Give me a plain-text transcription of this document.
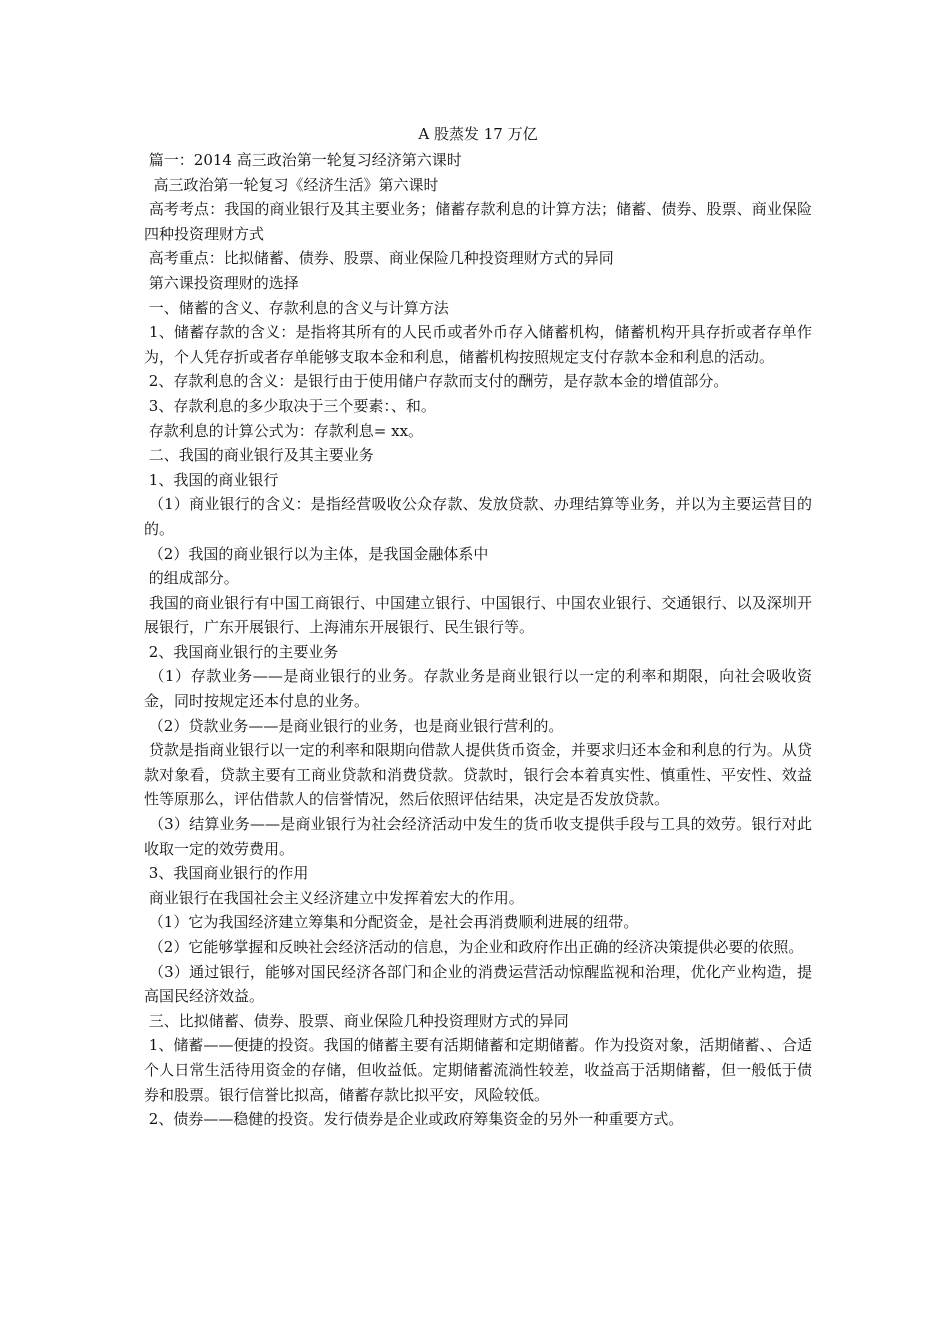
A 股蒸发 17 万亿

篇一：2014 高三政治第一轮复习经济第六课时

高三政治第一轮复习《经济生活》第六课时

高考考点：我国的商业银行及其主要业务；储蓄存款利息的计算方法；储蓄、债券、股票、商业保险四种投资理财方式

高考重点：比拟储蓄、债券、股票、商业保险几种投资理财方式的异同

第六课投资理财的选择

一、储蓄的含义、存款利息的含义与计算方法

1、储蓄存款的含义：是指将其所有的人民币或者外币存入储蓄机构，储蓄机构开具存折或者存单作为，个人凭存折或者存单能够支取本金和利息，储蓄机构按照规定支付存款本金和利息的活动。

2、存款利息的含义：是银行由于使用储户存款而支付的酬劳，是存款本金的增值部分。

3、存款利息的多少取决于三个要素：、和。

存款利息的计算公式为：存款利息= xx。

二、我国的商业银行及其主要业务

1、我国的商业银行

（1）商业银行的含义：是指经营吸收公众存款、发放贷款、办理结算等业务，并以为主要运营目的的。

（2）我国的商业银行以为主体，是我国金融体系中

的组成部分。

我国的商业银行有中国工商银行、中国建立银行、中国银行、中国农业银行、交通银行、以及深圳开展银行，广东开展银行、上海浦东开展银行、民生银行等。

2、我国商业银行的主要业务

（1）存款业务——是商业银行的业务。存款业务是商业银行以一定的利率和期限，向社会吸收资金，同时按规定还本付息的业务。

（2）贷款业务——是商业银行的业务，也是商业银行营利的。

贷款是指商业银行以一定的利率和限期向借款人提供货币资金，并要求归还本金和利息的行为。从贷款对象看，贷款主要有工商业贷款和消费贷款。贷款时，银行会本着真实性、慎重性、平安性、效益性等原那么，评估借款人的信誉情况，然后依照评估结果，决定是否发放贷款。

（3）结算业务——是商业银行为社会经济活动中发生的货币收支提供手段与工具的效劳。银行对此收取一定的效劳费用。

3、我国商业银行的作用

商业银行在我国社会主义经济建立中发挥着宏大的作用。

（1）它为我国经济建立筹集和分配资金，是社会再消费顺利进展的纽带。

（2）它能够掌握和反映社会经济活动的信息，为企业和政府作出正确的经济决策提供必要的依照。

（3）通过银行，能够对国民经济各部门和企业的消费运营活动惊醒监视和治理，优化产业构造，提高国民经济效益。

三、比拟储蓄、债券、股票、商业保险几种投资理财方式的异同

1、储蓄——便捷的投资。我国的储蓄主要有活期储蓄和定期储蓄。作为投资对象，活期储蓄、、合适个人日常生活待用资金的存储，但收益低。定期储蓄流淌性较差，收益高于活期储蓄，但一般低于债券和股票。银行信誉比拟高，储蓄存款比拟平安，风险较低。

2、债券——稳健的投资。发行债券是企业或政府筹集资金的另外一种重要方式。
